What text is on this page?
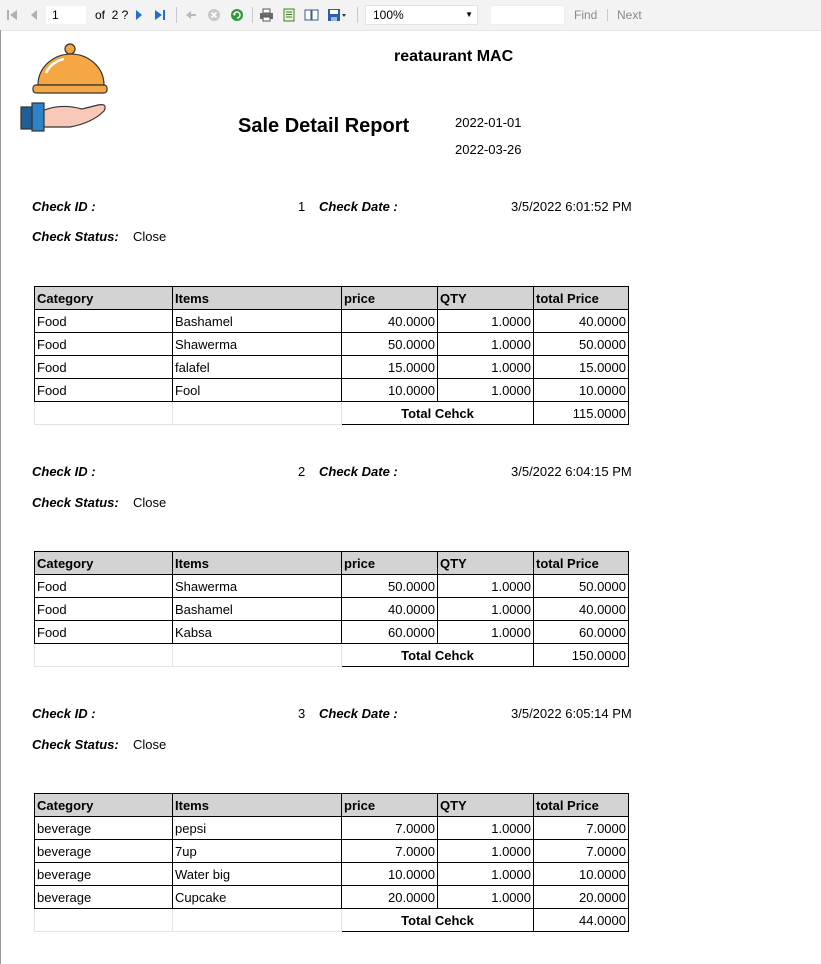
1	of 2 ?	100%	▼	Find Next
reataurant MAC
Sale Detail Report	2022-01-01
2022-03-26
Check ID :	1 Check Date :	3/5/2022 6:01:52 PM
Check Status: Close
Category	Items	price	QTY	total Price
Food	Bashamel	40.0000	1.0000	40.0000
Food	Shawerma	50.0000	1.0000	50.0000
Food	falafel	15.0000	1.0000	15.0000
Food	Fool	10.0000	1.0000	10.0000
		Total Cehck		115.0000
Check ID :	2 Check Date :	3/5/2022 6:04:15 PM
Check Status: Close
Category	Items	price	QTY	total Price
Food	Shawerma	50.0000	1.0000	50.0000
Food	Bashamel	40.0000	1.0000	40.0000
Food	Kabsa	60.0000	1.0000	60.0000
		Total Cehck		150.0000
Check ID :	3 Check Date :	3/5/2022 6:05:14 PM
Check Status: Close
Category	Items	price	QTY	total Price
beverage	pepsi	7.0000	1.0000	7.0000
beverage	7up	7.0000	1.0000	7.0000
beverage	Water big	10.0000	1.0000	10.0000
beverage	Cupcake	20.0000	1.0000	20.0000
		Total Cehck		44.0000
